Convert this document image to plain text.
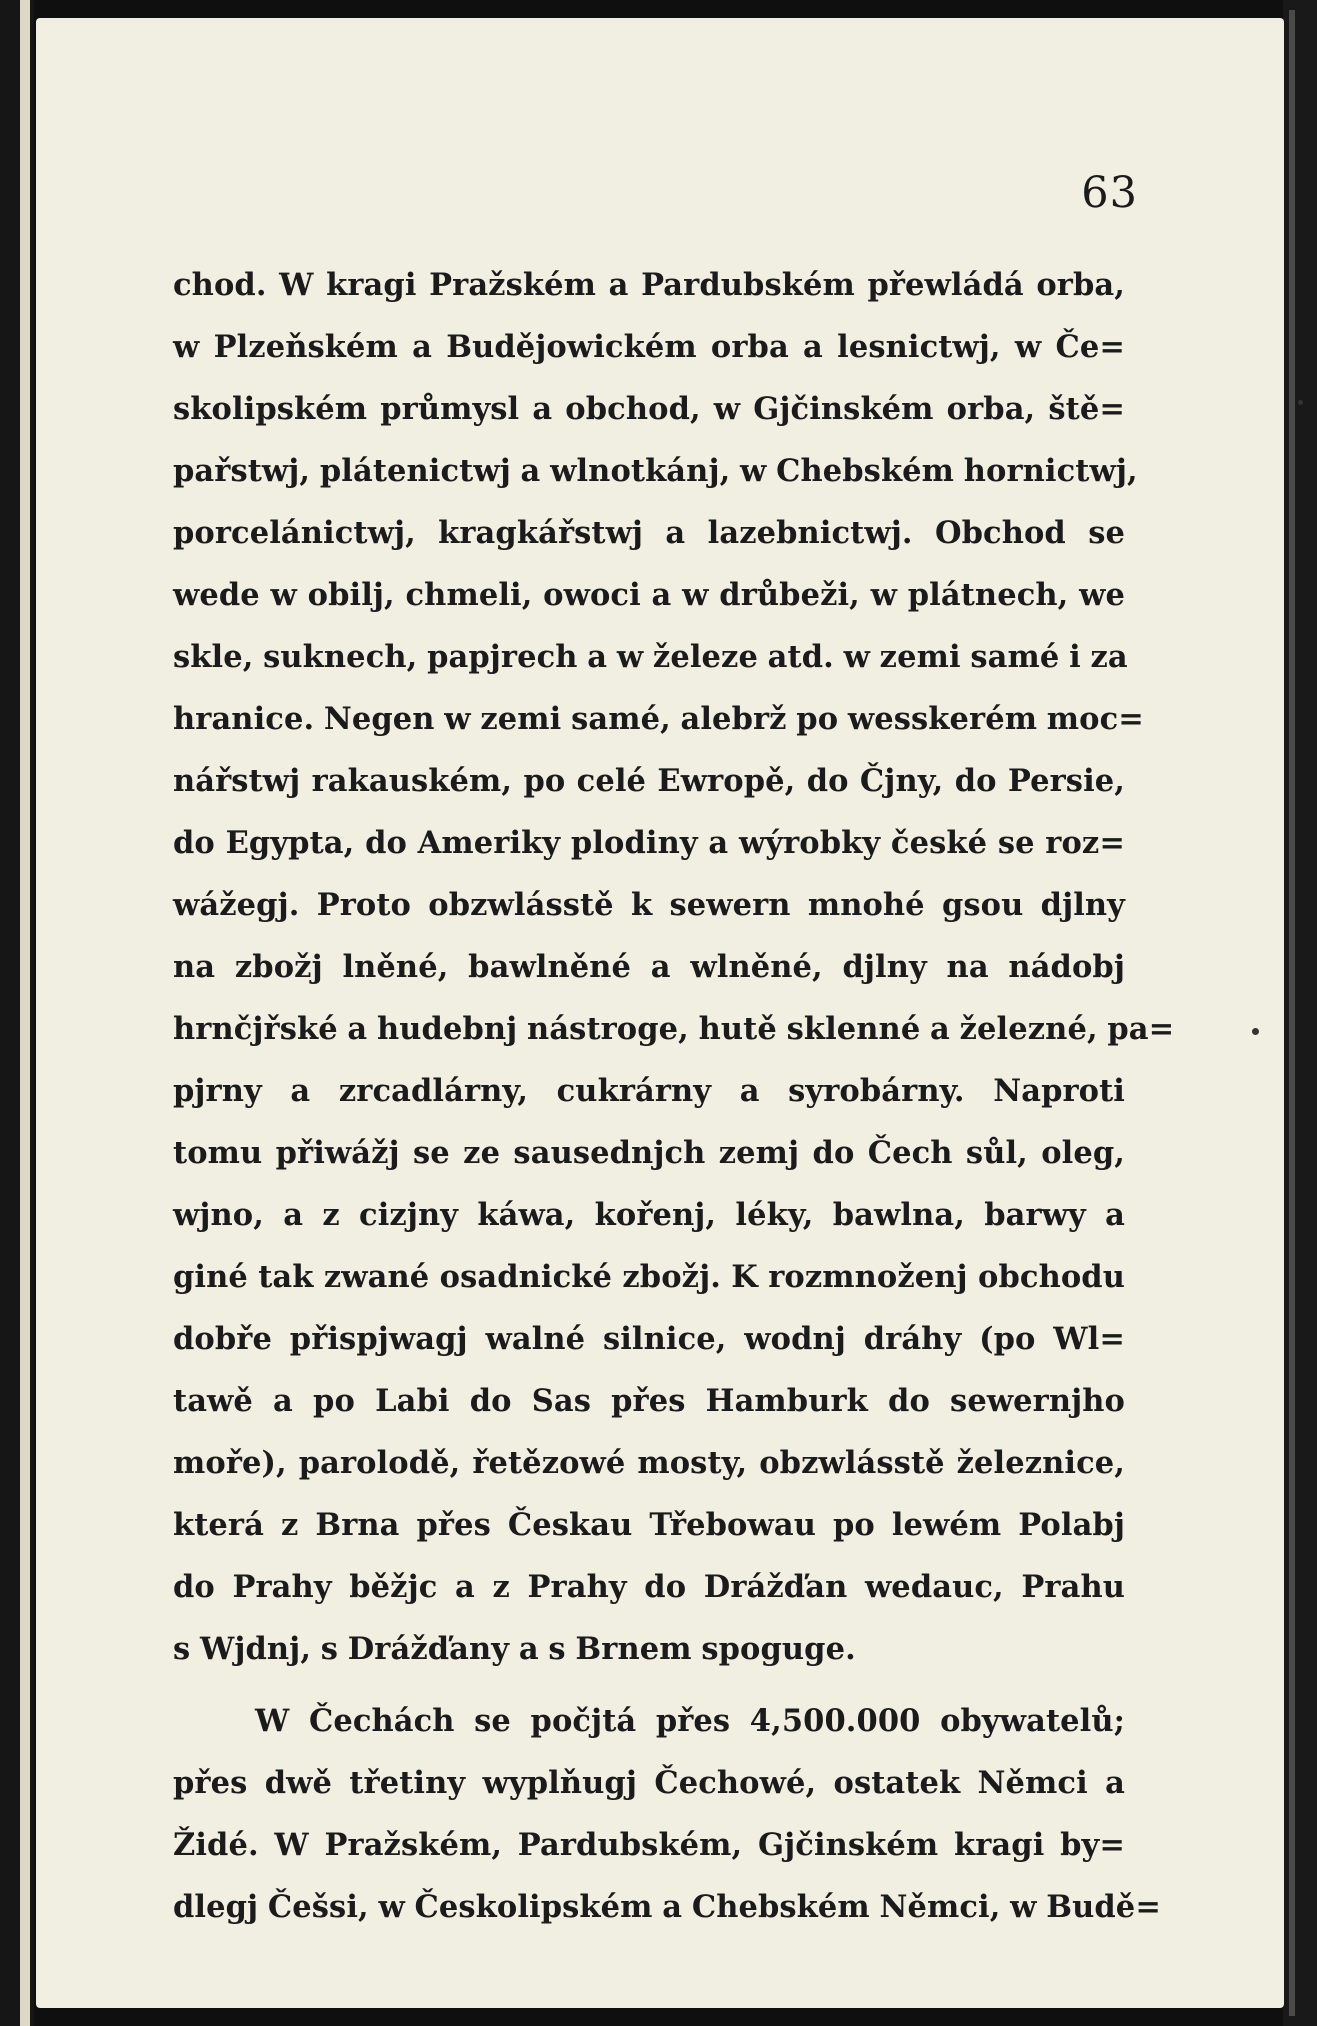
63
chod. W kragi Pražském a Pardubském přewládá orba,
w Plzeňském a Budějowickém orba a lesnictwj, w Če=
skolipském průmysl a obchod, w Gjčinském orba, ště=
pařstwj, plátenictwj a wlnotkánj, w Chebském hornictwj,
porcelánictwj, kragkářstwj a lazebnictwj. Obchod se
wede w obilj, chmeli, owoci a w drůbeži, w plátnech, we
skle, suknech, papjrech a w železe atd. w zemi samé i za
hranice. Negen w zemi samé, alebrž po wesskerém moc=
nářstwj rakauském, po celé Ewropě, do Čjny, do Persie,
do Egypta, do Ameriky plodiny a wýrobky české se roz=
wážegj. Proto obzwlásstě k sewern mnohé gsou djlny
na zbožj lněné, bawlněné a wlněné, djlny na nádobj
hrnčjřské a hudebnj nástroge, hutě sklenné a železné, pa=
pjrny a zrcadlárny, cukrárny a syrobárny. Naproti
tomu přiwážj se ze sausednjch zemj do Čech sůl, oleg,
wjno, a z cizjny káwa, kořenj, léky, bawlna, barwy a
giné tak zwané osadnické zbožj. K rozmnoženj obchodu
dobře přispjwagj walné silnice, wodnj dráhy (po Wl=
tawě a po Labi do Sas přes Hamburk do sewernjho
moře), parolodě, řetězowé mosty, obzwlásstě železnice,
která z Brna přes Českau Třebowau po lewém Polabj
do Prahy běžjc a z Prahy do Drážďan wedauc, Prahu
s Wjdnj, s Drážďany a s Brnem spoguge.
W Čechách se počjtá přes 4,500.000 obywatelů;
přes dwě třetiny wyplňugj Čechowé, ostatek Němci a
Židé. W Pražském, Pardubském, Gjčinském kragi by=
dlegj Češsi, w Českolipském a Chebském Němci, w Budě=
